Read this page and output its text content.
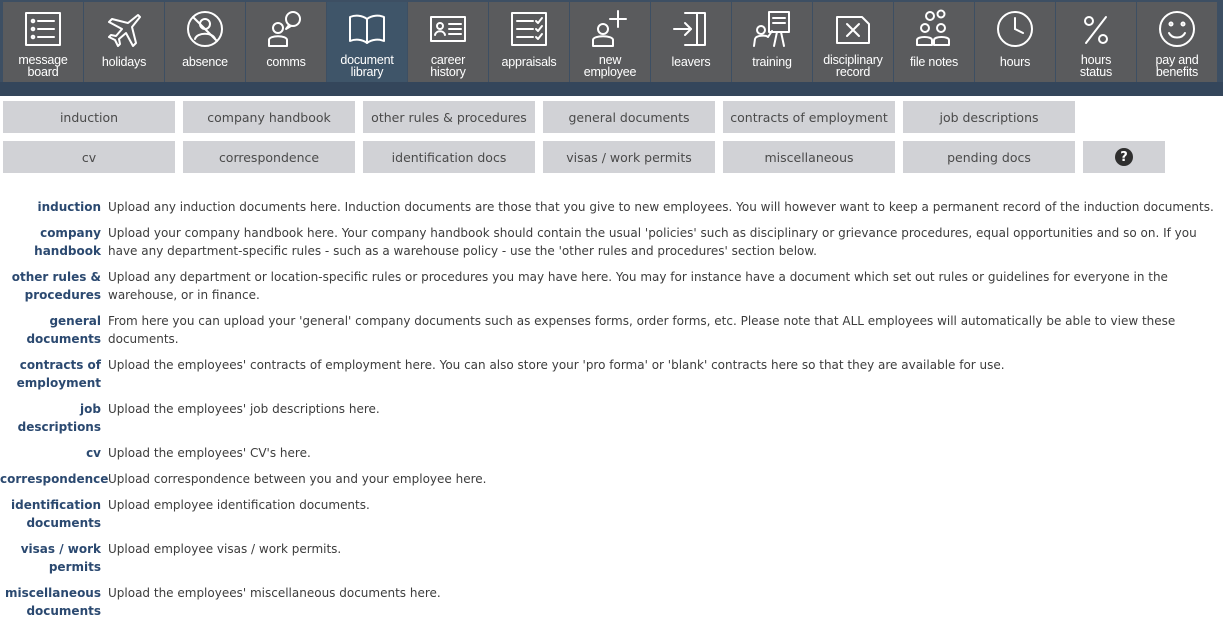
message
board
holidays	absence	comms	document
library
career
history
appraisals	new
employee
leavers	training	disciplinary
record
file notes	hours	hours
status
pay and
benefits
induction	company handbook	other rules & procedures	general documents	contracts of employment	job descriptions
cv	correspondence	identification docs	visas / work permits	miscellaneous	pending docs	?
induction Upload any induction documents here. Induction documents are those that you give to new employees. You will however want to keep a permanent record of the induction documents.
company
handbook
Upload your company handbook here. Your company handbook should contain the usual 'policies' such as disciplinary or grievance procedures, equal opportunities and so on. If you have any department-specific rules - such as a warehouse policy - use the 'other rules and procedures' section below.
other rules &
procedures
Upload any department or location-specific rules or procedures you may have here. You may for instance have a document which set out rules or guidelines for everyone in the warehouse, or in finance.
general
documents
From here you can upload your 'general' company documents such as expenses forms, order forms, etc. Please note that ALL employees will automatically be able to view these documents.
contracts of
employment
Upload the employees' contracts of employment here. You can also store your 'pro forma' or 'blank' contracts here so that they are available for use.
job descriptions
Upload the employees' job descriptions here.
cv Upload the employees' CV's here.
correspondence Upload correspondence between you and your employee here.
identification
documents
Upload employee identification documents.
visas / work
permits
Upload employee visas / work permits.
miscellaneous
documents
Upload the employees' miscellaneous documents here.
